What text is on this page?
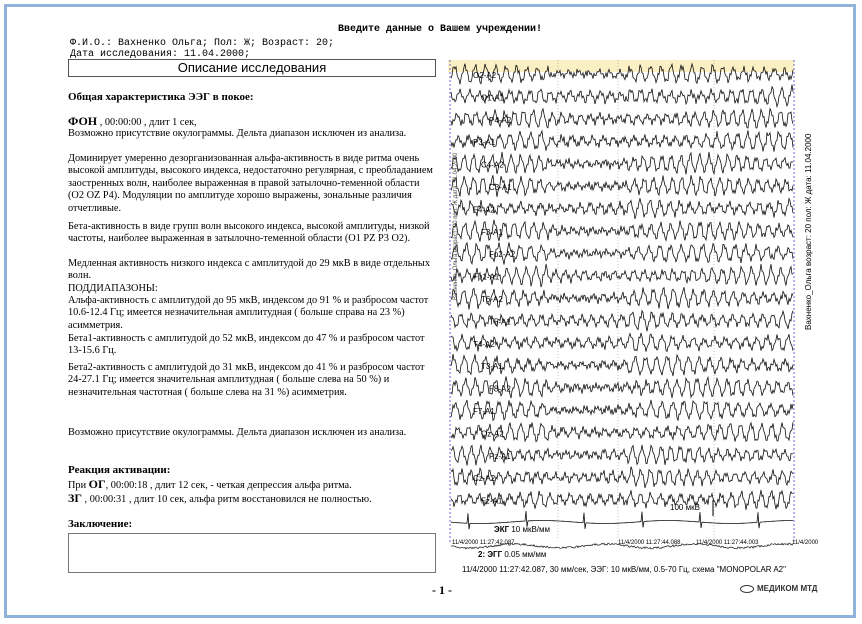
Введите данные о Вашем учреждении!
Ф.И.О.: Вахненко Ольга; Пол: Ж; Возраст: 20;
Дата исследования: 11.04.2000;
Описание исследования
Общая характеристика ЭЭГ в покое:
ФОН , 00:00:00 , длит 1 сек,
Возможно присутствие окулограммы. Дельта диапазон исключен из анализа.
Доминирует умеренно дезорганизованная альфа-активность в виде ритма очень высокой амплитуды, высокого индекса, недостаточно регулярная, с преобладанием заостренных волн, наиболее выраженная в правой затылочно-теменной области (O2 OZ P4). Модуляции по амплитуде хорошо выражены, зональные различия отчетливые.
Бета-активность в виде групп волн высокого индекса, высокой амплитуды, низкой частоты, наиболее выраженная в затылочно-теменной области (O1 PZ P3 O2).
Медленная активность низкого индекса с амплитудой до 29 мкВ в виде отдельных волн.
ПОДДИАПАЗОНЫ:
Альфа-активность с амплитудой до 95 мкВ, индексом до 91 % и разбросом частот 10.6-12.4 Гц; имеется незначительная амплитудная ( больше справа на 23 %) асимметрия.
Бета1-активность с амплитудой до 52 мкВ, индексом до 47 % и разбросом частот 13-15.6 Гц.
Бета2-активность с амплитудой до 31 мкВ, индексом до 41 % и разбросом частот 24-27.1 Гц; имеется значительная амплитудная ( больше слева на 50 %) и незначительная частотная ( больше слева на 31 %) асимметрия.
Возможно присутствие окулограммы. Дельта диапазон исключен из анализа.
Реакция активации:
При ОГ, 00:00:18 , длит 12 сек, - четкая депрессия альфа ритма.
ЗГ , 00:00:31 , длит 10 сек, альфа ритм восстановился не полностью.
Заключение:
- 1 -
O2-A2
O1-A1
P4-A2
P3-A1
C4-A2
C3-A1
F4-A2
F3-A1
Fp2-A2
Fp1-A1
T6-A2
T5-A1
T4-A2
T3-A1
F8-A2
F7-A1
Oz-A2
Pz-A1
Cz-A2
Fz-A1
ЭКГ 10 мкВ/мм
2: ЭГГ 0.05 мм/мм
100 мкВ
11/4/2000 11:27:42.087	11/4/2000 11:27:44.088	11/4/2000 11:27:44.003	11/4/2000
11/4/2000 11:27:42.087, 30 мм/сек, ЭЭГ: 10 мкВ/мм, 0.5-70 Гц, схема "MONOPOLAR A2"
МЕДИКОМ МТД
Вахненко_Ольга возраст: 20 пол: Ж дата: 11.04.2000
Вахненко_Ольга возраст: 20 пол: Ж дата: 11.04.2000
